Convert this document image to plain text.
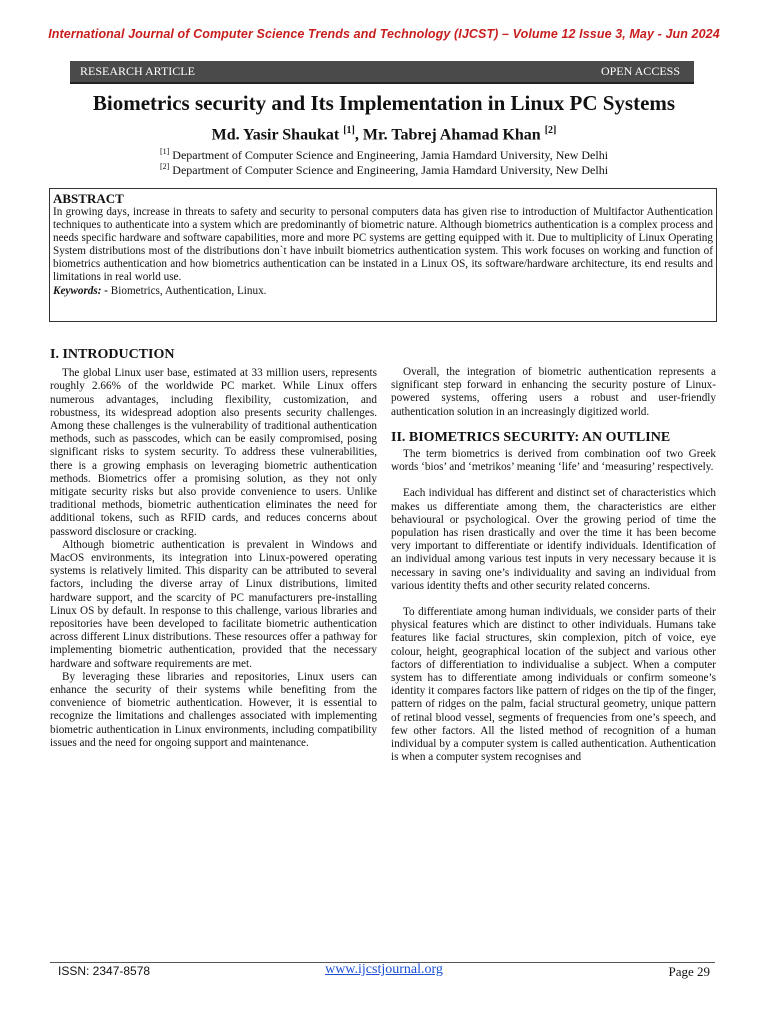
International Journal of Computer Science Trends and Technology (IJCST) – Volume 12 Issue 3, May - Jun 2024
RESEARCH ARTICLE	OPEN ACCESS
Biometrics security and Its Implementation in Linux PC Systems
Md. Yasir Shaukat [1], Mr. Tabrej Ahamad Khan [2]
[1] Department of Computer Science and Engineering, Jamia Hamdard University, New Delhi
[2] Department of Computer Science and Engineering, Jamia Hamdard University, New Delhi
ABSTRACT
In growing days, increase in threats to safety and security to personal computers data has given rise to introduction of Multifactor Authentication techniques to authenticate into a system which are predominantly of biometric nature. Although biometrics authentication is a complex process and needs specific hardware and software capabilities, more and more PC systems are getting equipped with it. Due to multiplicity of Linux Operating System distributions most of the distributions don`t have inbuilt biometrics authentication system. This work focuses on working and function of biometrics authentication and how biometrics authentication can be instated in a Linux OS, its software/hardware architecture, its end results and limitations in real world use.
Keywords: - Biometrics, Authentication, Linux.
I. INTRODUCTION

The global Linux user base, estimated at 33 million users, represents roughly 2.66% of the worldwide PC market. While Linux offers numerous advantages, including flexibility, customization, and robustness, its widespread adoption also presents security challenges. Among these challenges is the vulnerability of traditional authentication methods, such as passcodes, which can be easily compromised, posing significant risks to system security. To address these vulnerabilities, there is a growing emphasis on leveraging biometric authentication methods. Biometrics offer a promising solution, as they not only mitigate security risks but also provide convenience to users. Unlike traditional methods, biometric authentication eliminates the need for additional tokens, such as RFID cards, and reduces concerns about password disclosure or cracking.

Although biometric authentication is prevalent in Windows and MacOS environments, its integration into Linux-powered operating systems is relatively limited. This disparity can be attributed to several factors, including the diverse array of Linux distributions, limited hardware support, and the scarcity of PC manufacturers pre-installing Linux OS by default. In response to this challenge, various libraries and repositories have been developed to facilitate biometric authentication across different Linux distributions. These resources offer a pathway for implementing biometric authentication, provided that the necessary hardware and software requirements are met.

By leveraging these libraries and repositories, Linux users can enhance the security of their systems while benefiting from the convenience of biometric authentication. However, it is essential to recognize the limitations and challenges associated with implementing biometric authentication in Linux environments, including compatibility issues and the need for ongoing support and maintenance.

Overall, the integration of biometric authentication represents a significant step forward in enhancing the security posture of Linux-powered systems, offering users a robust and user-friendly authentication solution in an increasingly digitized world.

II. BIOMETRICS SECURITY: AN OUTLINE

The term biometrics is derived from combination oof two Greek words ‘bios’ and ‘metrikos’ meaning ‘life’ and ‘measuring’ respectively.

Each individual has different and distinct set of characteristics which makes us differentiate among them, the characteristics are either behavioural or psychological. Over the growing period of time the population has risen drastically and over the time it has been become very important to differentiate or identify individuals. Identification of an individual among various test inputs in very necessary because it is necessary in saving one’s individuality and saving an individual from various identity thefts and other security related concerns.

To differentiate among human individuals, we consider parts of their physical features which are distinct to other individuals. Humans take features like facial structures, skin complexion, pitch of voice, eye colour, height, geographical location of the subject and various other factors of differentiation to individualise a subject. When a computer system has to differentiate among individuals or confirm someone’s identity it compares factors like pattern of ridges on the tip of the finger, pattern of ridges on the palm, facial structural geometry, unique pattern of retinal blood vessel, segments of frequencies from one’s speech, and few other factors. All the listed method of recognition of a human individual by a computer system is called authentication. Authentication is when a computer system recognises and

ISSN: 2347-8578	www.ijcstjournal.org	Page 29
